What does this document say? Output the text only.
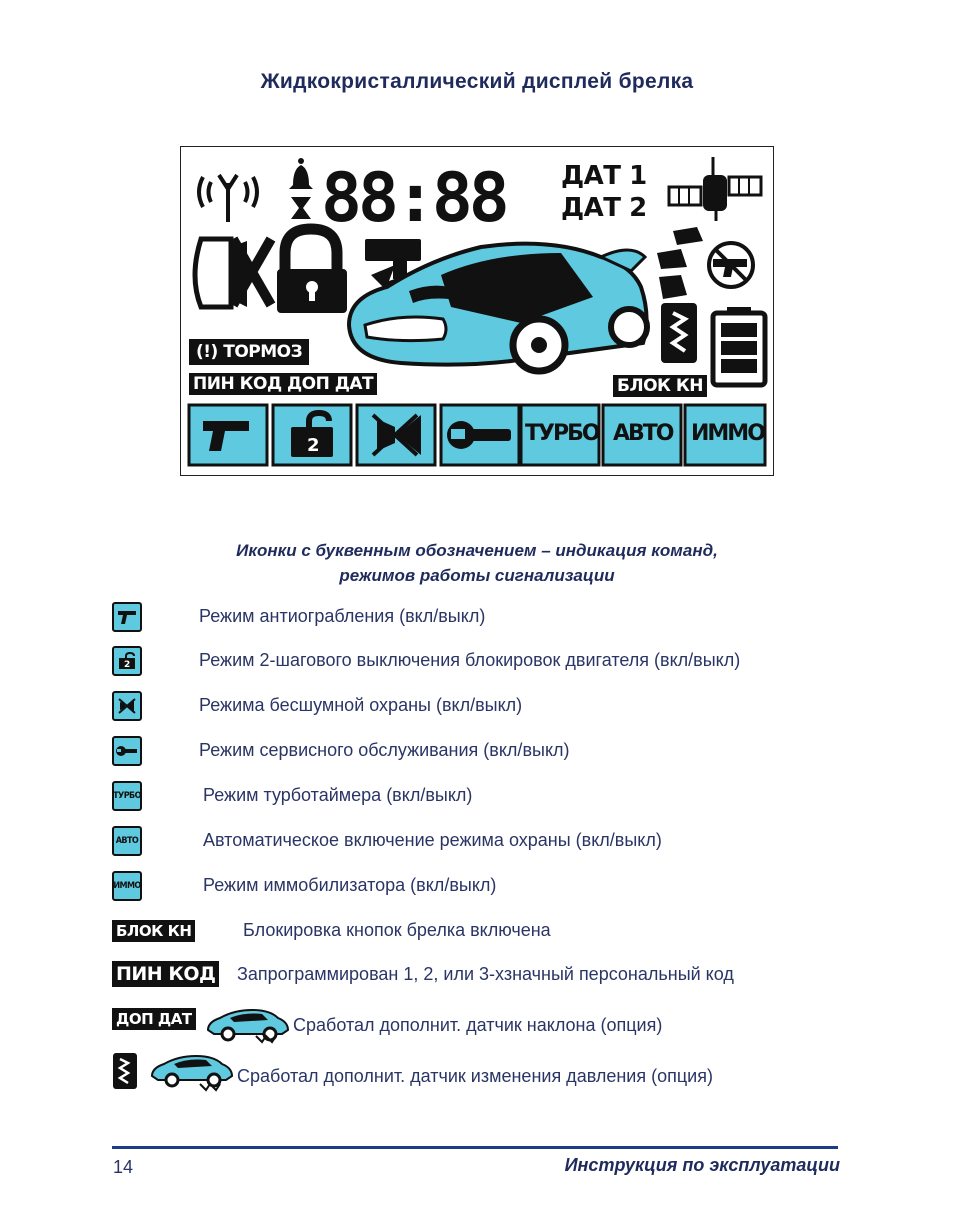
Жидкокристаллический дисплей брелка
88:88
2
ДАТ 1
ДАТ 2
(!) ТОРМОЗ
ПИН КОД ДОП ДАТ	БЛОК КН
ТУРБО АВТО ИММО
Иконки с буквенным обозначением – индикация команд,
режимов работы сигнализации
Режим антиограбления (вкл/выкл)
2	Режим 2-шагового выключения блокировок двигателя (вкл/выкл)
Режима бесшумной охраны (вкл/выкл)
Режим сервисного обслуживания (вкл/выкл)
ТУРБО	Режим турботаймера (вкл/выкл)
АВТО	Автоматическое включение режима охраны (вкл/выкл)
ИММО	Режим иммобилизатора (вкл/выкл)
БЛОК КН	Блокировка кнопок брелка включена
ПИН КОД Запрограммирован 1, 2, или 3-хзначный персональный код
ДОП ДАТ	Сработал дополнит. датчик наклона (опция)
Сработал дополнит. датчик изменения давления (опция)
14	Инструкция по эксплуатации
